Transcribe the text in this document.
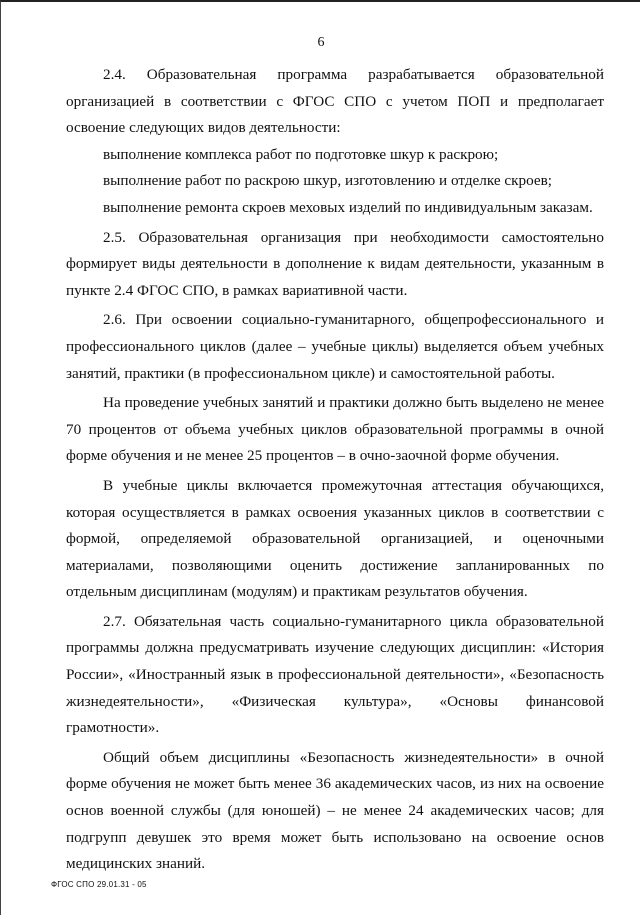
6

2.4. Образовательная программа разрабатывается образовательной организацией в соответствии с ФГОС СПО с учетом ПОП и предполагает освоение следующих видов деятельности:

выполнение комплекса работ по подготовке шкур к раскрою;

выполнение работ по раскрою шкур, изготовлению и отделке скроев;

выполнение ремонта скроев меховых изделий по индивидуальным заказам.

2.5. Образовательная организация при необходимости самостоятельно формирует виды деятельности в дополнение к видам деятельности, указанным в пункте 2.4 ФГОС СПО, в рамках вариативной части.

2.6. При освоении социально-гуманитарного, общепрофессионального и профессионального циклов (далее – учебные циклы) выделяется объем учебных занятий, практики (в профессиональном цикле) и самостоятельной работы.

На проведение учебных занятий и практики должно быть выделено не менее 70 процентов от объема учебных циклов образовательной программы в очной форме обучения и не менее 25 процентов – в очно-заочной форме обучения.

В учебные циклы включается промежуточная аттестация обучающихся, которая осуществляется в рамках освоения указанных циклов в соответствии с формой, определяемой образовательной организацией, и оценочными материалами, позволяющими оценить достижение запланированных по отдельным дисциплинам (модулям) и практикам результатов обучения.

2.7. Обязательная часть социально-гуманитарного цикла образовательной программы должна предусматривать изучение следующих дисциплин: «История России», «Иностранный язык в профессиональной деятельности», «Безопасность жизнедеятельности», «Физическая культура», «Основы финансовой грамотности».

Общий объем дисциплины «Безопасность жизнедеятельности» в очной форме обучения не может быть менее 36 академических часов, из них на освоение основ военной службы (для юношей) – не менее 24 академических часов; для подгрупп девушек это время может быть использовано на освоение основ медицинских знаний.

ФГОС СПО 29.01.31 - 05
